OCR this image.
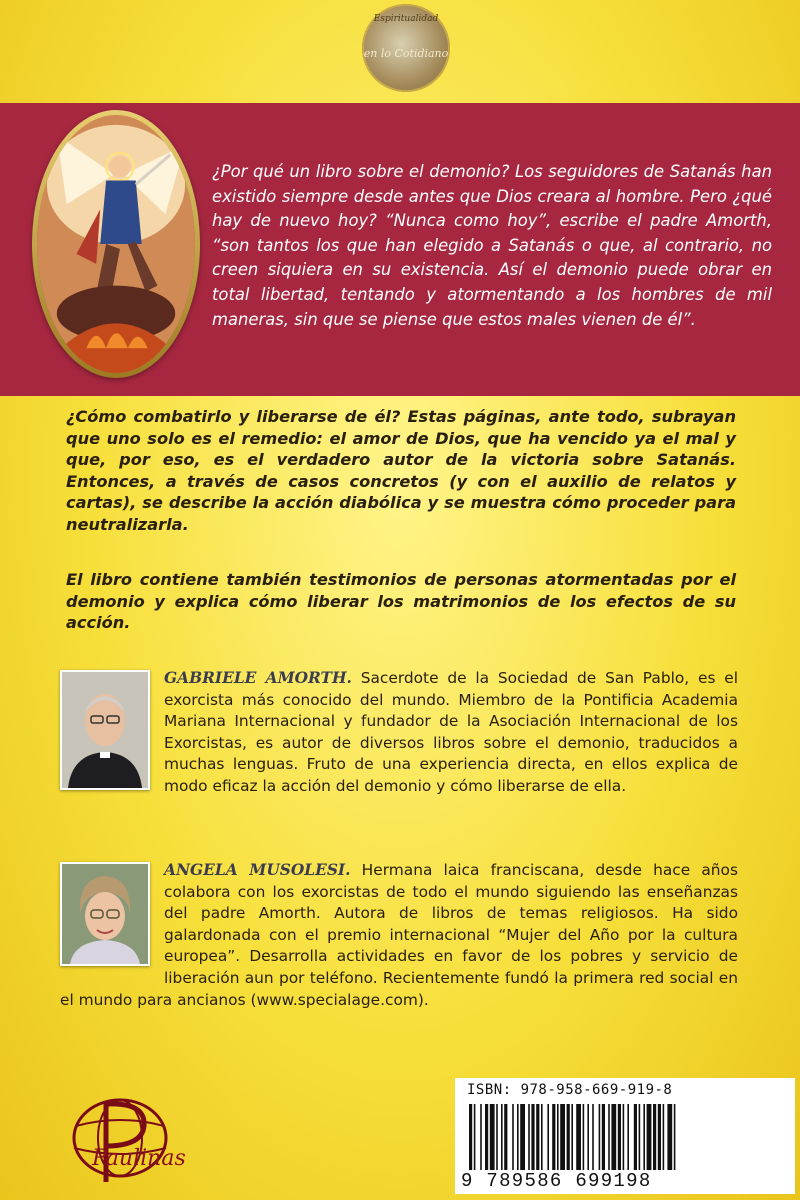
Espiritualidad
en lo Cotidiano

¿Por qué un libro sobre el demonio? Los seguidores de Satanás han existido siempre desde antes que Dios creara al hombre. Pero ¿qué hay de nuevo hoy? “Nunca como hoy”, escribe el padre Amorth, “son tantos los que han elegido a Satanás o que, al contrario, no creen siquiera en su existencia. Así el demonio puede obrar en total libertad, tentando y atormentando a los hombres de mil maneras, sin que se piense que estos males vienen de él”.

¿Cómo combatirlo y liberarse de él? Estas páginas, ante todo, subrayan que uno solo es el remedio: el amor de Dios, que ha vencido ya el mal y que, por eso, es el verdadero autor de la victoria sobre Satanás. Entonces, a través de casos concretos (y con el auxilio de relatos y cartas), se describe la acción diabólica y se muestra cómo proceder para neutralizarla.

El libro contiene también testimonios de personas atormentadas por el demonio y explica cómo liberar los matrimonios de los efectos de su acción.

GABRIELE AMORTH. Sacerdote de la Sociedad de San Pablo, es el exorcista más conocido del mundo. Miembro de la Pontificia Academia Mariana Internacional y fundador de la Asociación Internacional de los Exorcistas, es autor de diversos libros sobre el demonio, traducidos a muchas lenguas. Fruto de una experiencia directa, en ellos explica de modo eficaz la acción del demonio y cómo liberarse de ella.
ANGELA MUSOLESI. Hermana laica franciscana, desde hace años colabora con los exorcistas de todo el mundo siguiendo las enseñanzas del padre Amorth. Autora de libros de temas religiosos. Ha sido galardonada con el premio internacional “Mujer del Año por la cultura europea”. Desarrolla actividades en favor de los pobres y servicio de liberación aun por teléfono. Recientemente fundó la primera red social en el mundo para ancianos (www.specialage.com).
Paulinas
ISBN: 978-958-669-919-8
9 789586 699198
